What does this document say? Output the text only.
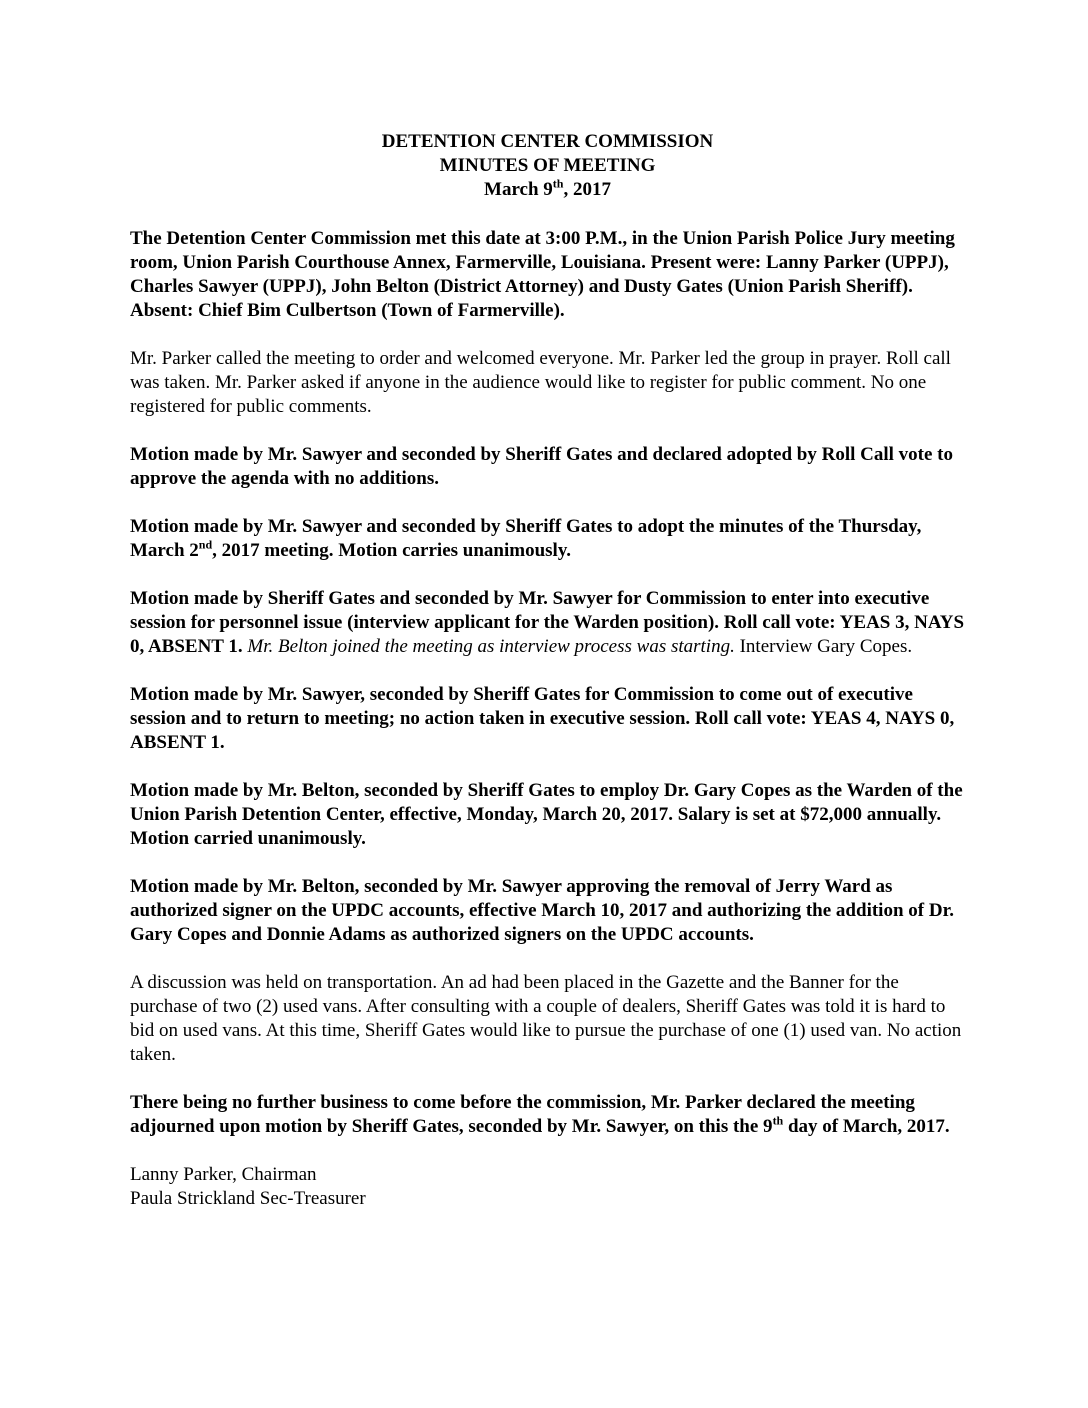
DETENTION CENTER COMMISSION
MINUTES OF MEETING
March 9th, 2017

The Detention Center Commission met this date at 3:00 P.M., in the Union Parish Police Jury meeting room, Union Parish Courthouse Annex, Farmerville, Louisiana. Present were: Lanny Parker (UPPJ), Charles Sawyer (UPPJ), John Belton (District Attorney) and Dusty Gates (Union Parish Sheriff). Absent: Chief Bim Culbertson (Town of Farmerville).

Mr. Parker called the meeting to order and welcomed everyone. Mr. Parker led the group in prayer. Roll call was taken. Mr. Parker asked if anyone in the audience would like to register for public comment. No one registered for public comments.

Motion made by Mr. Sawyer and seconded by Sheriff Gates and declared adopted by Roll Call vote to approve the agenda with no additions.

Motion made by Mr. Sawyer and seconded by Sheriff Gates to adopt the minutes of the Thursday, March 2nd, 2017 meeting. Motion carries unanimously.

Motion made by Sheriff Gates and seconded by Mr. Sawyer for Commission to enter into executive session for personnel issue (interview applicant for the Warden position). Roll call vote: YEAS 3, NAYS 0, ABSENT 1. Mr. Belton joined the meeting as interview process was starting. Interview Gary Copes.

Motion made by Mr. Sawyer, seconded by Sheriff Gates for Commission to come out of executive session and to return to meeting; no action taken in executive session. Roll call vote: YEAS 4, NAYS 0, ABSENT 1.

Motion made by Mr. Belton, seconded by Sheriff Gates to employ Dr. Gary Copes as the Warden of the Union Parish Detention Center, effective, Monday, March 20, 2017. Salary is set at $72,000 annually. Motion carried unanimously.

Motion made by Mr. Belton, seconded by Mr. Sawyer approving the removal of Jerry Ward as authorized signer on the UPDC accounts, effective March 10, 2017 and authorizing the addition of Dr. Gary Copes and Donnie Adams as authorized signers on the UPDC accounts.

A discussion was held on transportation. An ad had been placed in the Gazette and the Banner for the purchase of two (2) used vans. After consulting with a couple of dealers, Sheriff Gates was told it is hard to bid on used vans. At this time, Sheriff Gates would like to pursue the purchase of one (1) used van. No action taken.

There being no further business to come before the commission, Mr. Parker declared the meeting adjourned upon motion by Sheriff Gates, seconded by Mr. Sawyer, on this the 9th day of March, 2017.

Lanny Parker, Chairman
Paula Strickland Sec-Treasurer
